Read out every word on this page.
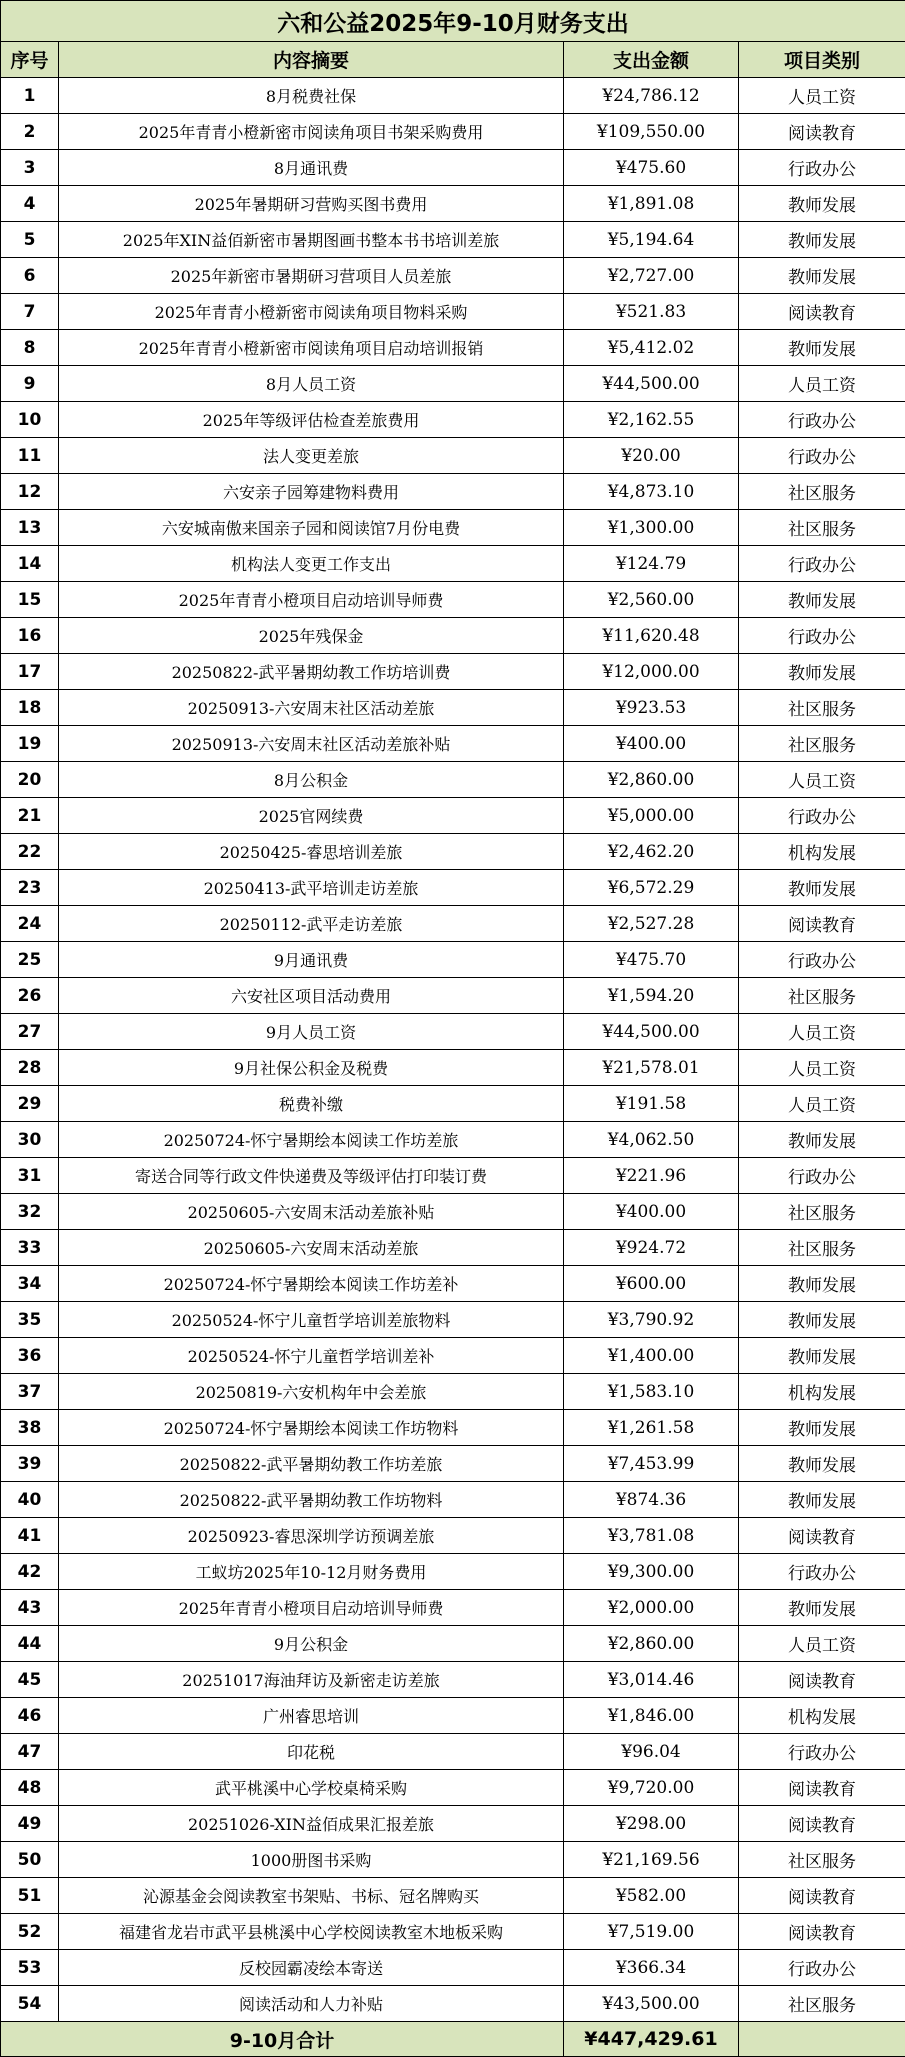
六和公益2025年9-10月财务支出			
序号	内容摘要	支出金额	项目类别
1	8月税费社保	¥24,786.12	人员工资
2	2025年青青小橙新密市阅读角项目书架采购费用	¥109,550.00	阅读教育
3	8月通讯费	¥475.60	行政办公
4	2025年暑期研习营购买图书费用	¥1,891.08	教师发展
5	2025年XIN益佰新密市暑期图画书整本书书培训差旅	¥5,194.64	教师发展
6	2025年新密市暑期研习营项目人员差旅	¥2,727.00	教师发展
7	2025年青青小橙新密市阅读角项目物料采购	¥521.83	阅读教育
8	2025年青青小橙新密市阅读角项目启动培训报销	¥5,412.02	教师发展
9	8月人员工资	¥44,500.00	人员工资
10	2025年等级评估检查差旅费用	¥2,162.55	行政办公
11	法人变更差旅	¥20.00	行政办公
12	六安亲子园筹建物料费用	¥4,873.10	社区服务
13	六安城南傲来国亲子园和阅读馆7月份电费	¥1,300.00	社区服务
14	机构法人变更工作支出	¥124.79	行政办公
15	2025年青青小橙项目启动培训导师费	¥2,560.00	教师发展
16	2025年残保金	¥11,620.48	行政办公
17	20250822-武平暑期幼教工作坊培训费	¥12,000.00	教师发展
18	20250913-六安周末社区活动差旅	¥923.53	社区服务
19	20250913-六安周末社区活动差旅补贴	¥400.00	社区服务
20	8月公积金	¥2,860.00	人员工资
21	2025官网续费	¥5,000.00	行政办公
22	20250425-睿思培训差旅	¥2,462.20	机构发展
23	20250413-武平培训走访差旅	¥6,572.29	教师发展
24	20250112-武平走访差旅	¥2,527.28	阅读教育
25	9月通讯费	¥475.70	行政办公
26	六安社区项目活动费用	¥1,594.20	社区服务
27	9月人员工资	¥44,500.00	人员工资
28	9月社保公积金及税费	¥21,578.01	人员工资
29	税费补缴	¥191.58	人员工资
30	20250724-怀宁暑期绘本阅读工作坊差旅	¥4,062.50	教师发展
31	寄送合同等行政文件快递费及等级评估打印装订费	¥221.96	行政办公
32	20250605-六安周末活动差旅补贴	¥400.00	社区服务
33	20250605-六安周末活动差旅	¥924.72	社区服务
34	20250724-怀宁暑期绘本阅读工作坊差补	¥600.00	教师发展
35	20250524-怀宁儿童哲学培训差旅物料	¥3,790.92	教师发展
36	20250524-怀宁儿童哲学培训差补	¥1,400.00	教师发展
37	20250819-六安机构年中会差旅	¥1,583.10	机构发展
38	20250724-怀宁暑期绘本阅读工作坊物料	¥1,261.58	教师发展
39	20250822-武平暑期幼教工作坊差旅	¥7,453.99	教师发展
40	20250822-武平暑期幼教工作坊物料	¥874.36	教师发展
41	20250923-睿思深圳学访预调差旅	¥3,781.08	阅读教育
42	工蚁坊2025年10-12月财务费用	¥9,300.00	行政办公
43	2025年青青小橙项目启动培训导师费	¥2,000.00	教师发展
44	9月公积金	¥2,860.00	人员工资
45	20251017海油拜访及新密走访差旅	¥3,014.46	阅读教育
46	广州睿思培训	¥1,846.00	机构发展
47	印花税	¥96.04	行政办公
48	武平桃溪中心学校桌椅采购	¥9,720.00	阅读教育
49	20251026-XIN益佰成果汇报差旅	¥298.00	阅读教育
50	1000册图书采购	¥21,169.56	社区服务
51	沁源基金会阅读教室书架贴、书标、冠名牌购买	¥582.00	阅读教育
52	福建省龙岩市武平县桃溪中心学校阅读教室木地板采购	¥7,519.00	阅读教育
53	反校园霸凌绘本寄送	¥366.34	行政办公
54	阅读活动和人力补贴	¥43,500.00	社区服务
9-10月合计		¥447,429.61	
